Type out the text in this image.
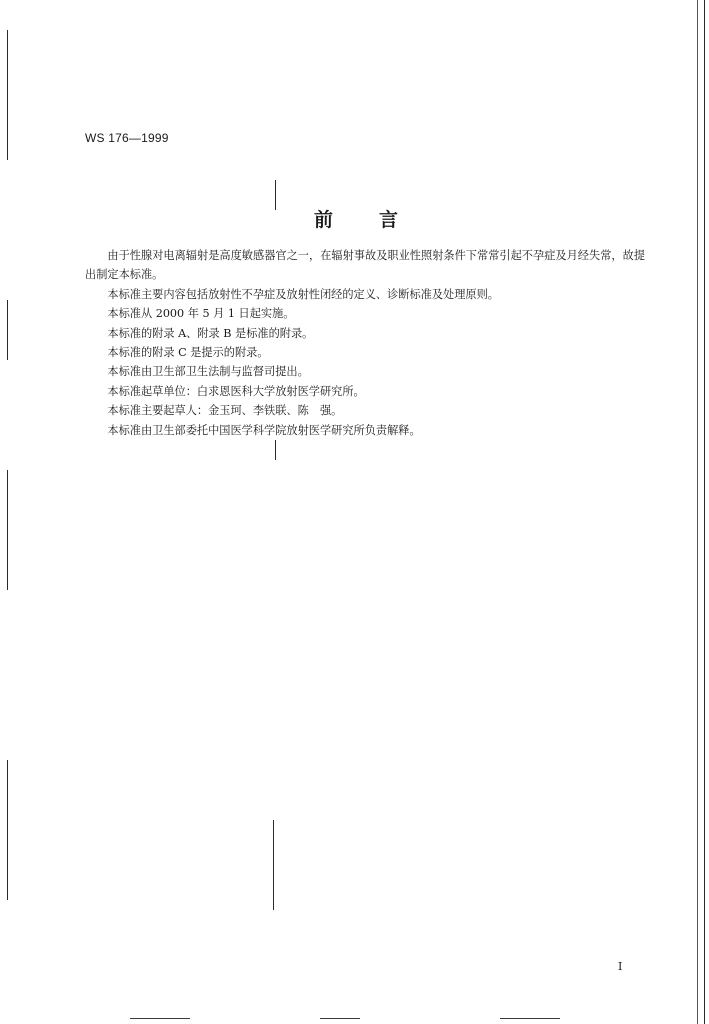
WS 176—1999
前言

由于性腺对电离辐射是高度敏感器官之一，在辐射事故及职业性照射条件下常常引起不孕症及月经失常，故提出制定本标准。

本标准主要内容包括放射性不孕症及放射性闭经的定义、诊断标准及处理原则。

本标准从 2000 年 5 月 1 日起实施。

本标准的附录 A、附录 B 是标准的附录。

本标准的附录 C 是提示的附录。

本标准由卫生部卫生法制与监督司提出。

本标准起草单位：白求恩医科大学放射医学研究所。

本标准主要起草人：金玉珂、李铁联、陈　强。

本标准由卫生部委托中国医学科学院放射医学研究所负责解释。

I
